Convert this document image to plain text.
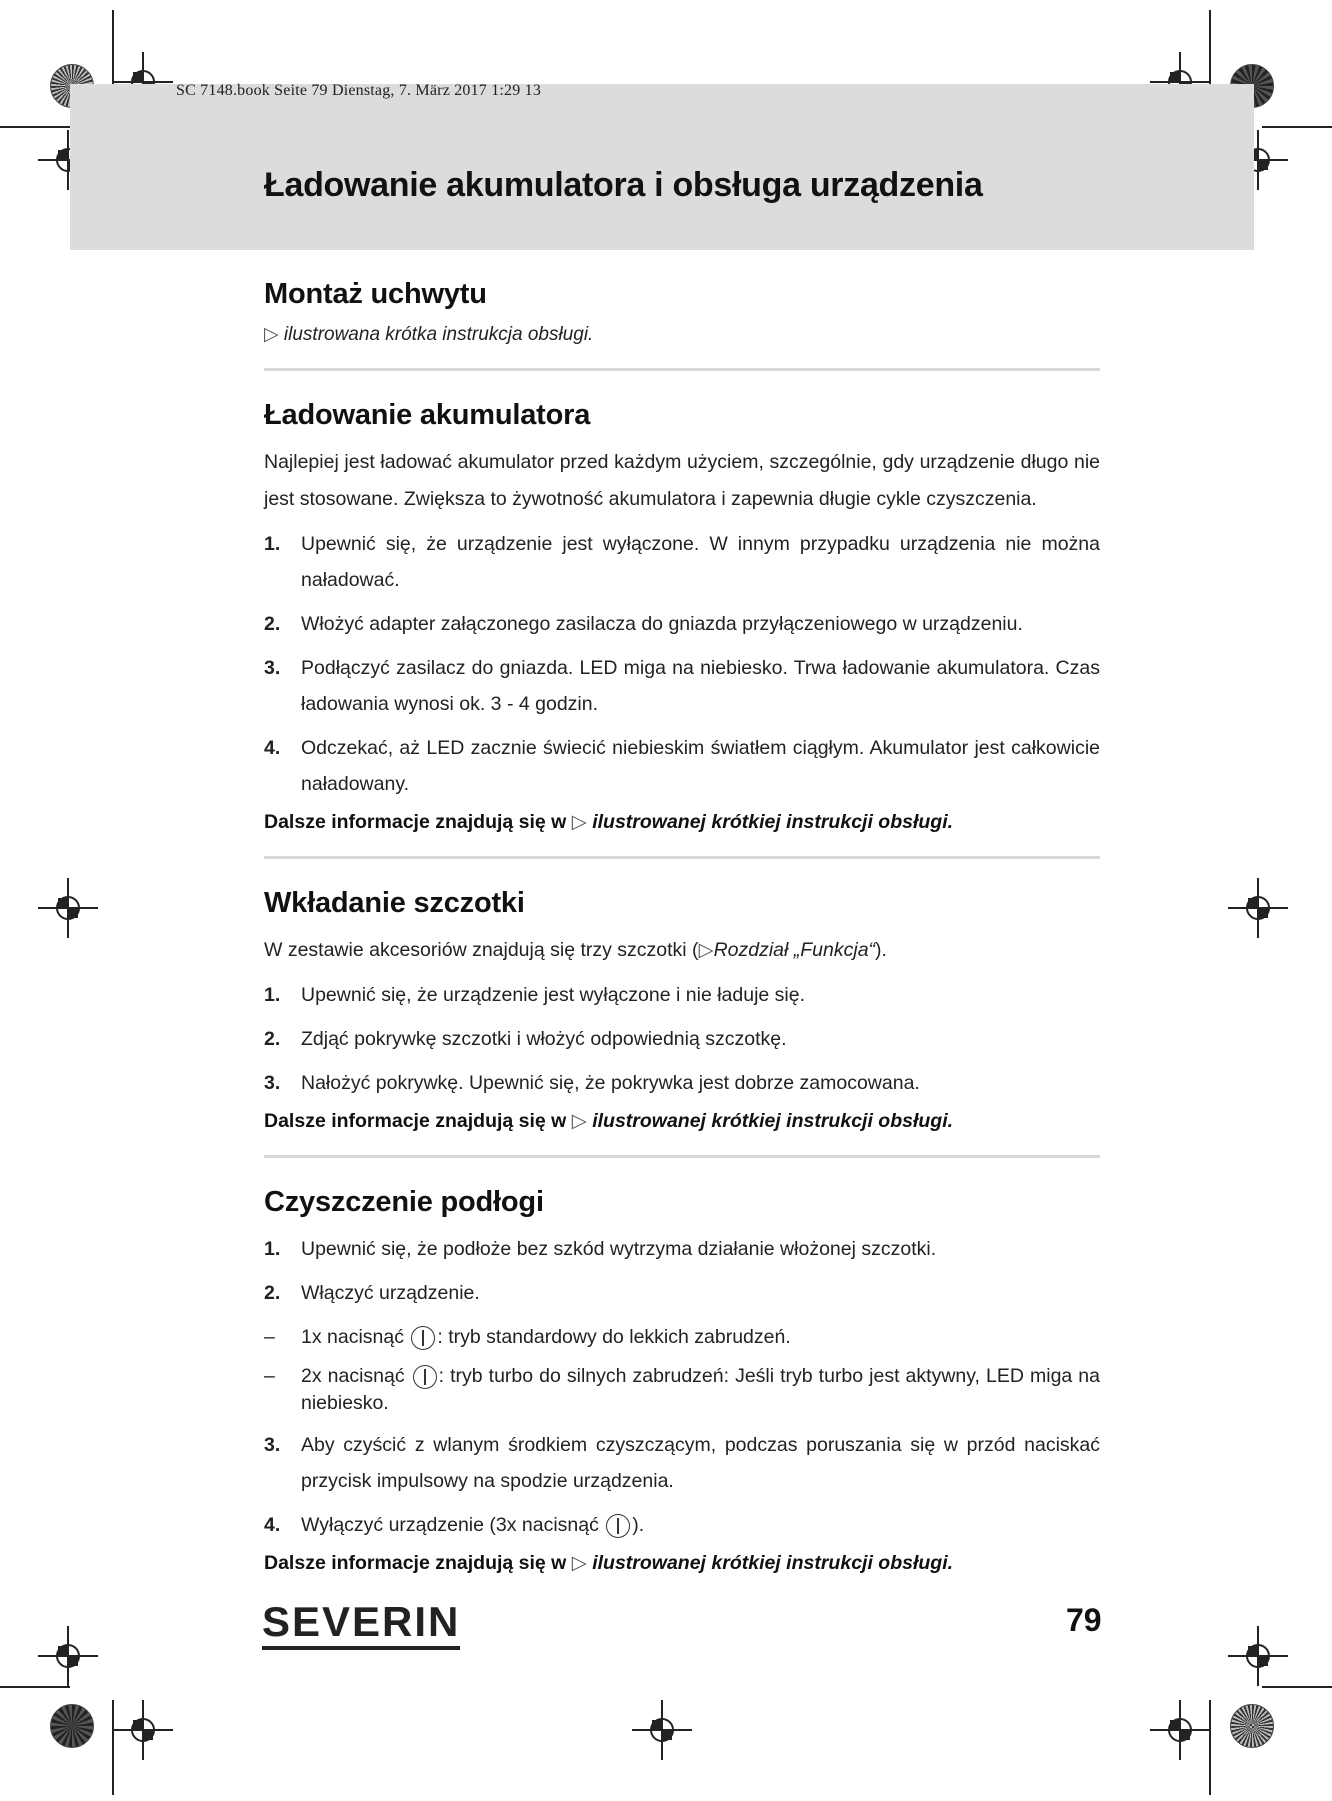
SC 7148.book Seite 79 Dienstag, 7. März 2017 1:29 13
Ładowanie akumulatora i obsługa urządzenia
Montaż uchwytu
▷ ilustrowana krótka instrukcja obsługi.
Ładowanie akumulatora

Najlepiej jest ładować akumulator przed każdym użyciem, szczególnie, gdy urządzenie długo nie jest stosowane. Zwiększa to żywotność akumulatora i zapewnia długie cykle czyszczenia.

1. Upewnić się, że urządzenie jest wyłączone. W innym przypadku urządzenia nie można naładować.
2. Włożyć adapter załączonego zasilacza do gniazda przyłączeniowego w urządzeniu.
3. Podłączyć zasilacz do gniazda. LED miga na niebiesko. Trwa ładowanie akumulatora. Czas ładowania wynosi ok. 3 - 4 godzin.
4. Odczekać, aż LED zacznie świecić niebieskim światłem ciągłym. Akumulator jest całkowicie naładowany.
Dalsze informacje znajdują się w ▷ ilustrowanej krótkiej instrukcji obsługi.
Wkładanie szczotki

W zestawie akcesoriów znajdują się trzy szczotki (▷Rozdział „Funkcja“).

1. Upewnić się, że urządzenie jest wyłączone i nie ładuje się.
2. Zdjąć pokrywkę szczotki i włożyć odpowiednią szczotkę.
3. Nałożyć pokrywkę. Upewnić się, że pokrywka jest dobrze zamocowana.
Dalsze informacje znajdują się w ▷ ilustrowanej krótkiej instrukcji obsługi.
Czyszczenie podłogi
1. Upewnić się, że podłoże bez szkód wytrzyma działanie włożonej szczotki.
2. Włączyć urządzenie.
– 1x nacisnąć : tryb standardowy do lekkich zabrudzeń.
– 2x nacisnąć : tryb turbo do silnych zabrudzeń: Jeśli tryb turbo jest aktywny, LED miga na niebiesko.
3. Aby czyścić z wlanym środkiem czyszczącym, podczas poruszania się w przód naciskać przycisk impulsowy na spodzie urządzenia.
4. Wyłączyć urządzenie (3x nacisnąć ).
Dalsze informacje znajdują się w ▷ ilustrowanej krótkiej instrukcji obsługi.
SEVERIN	79
